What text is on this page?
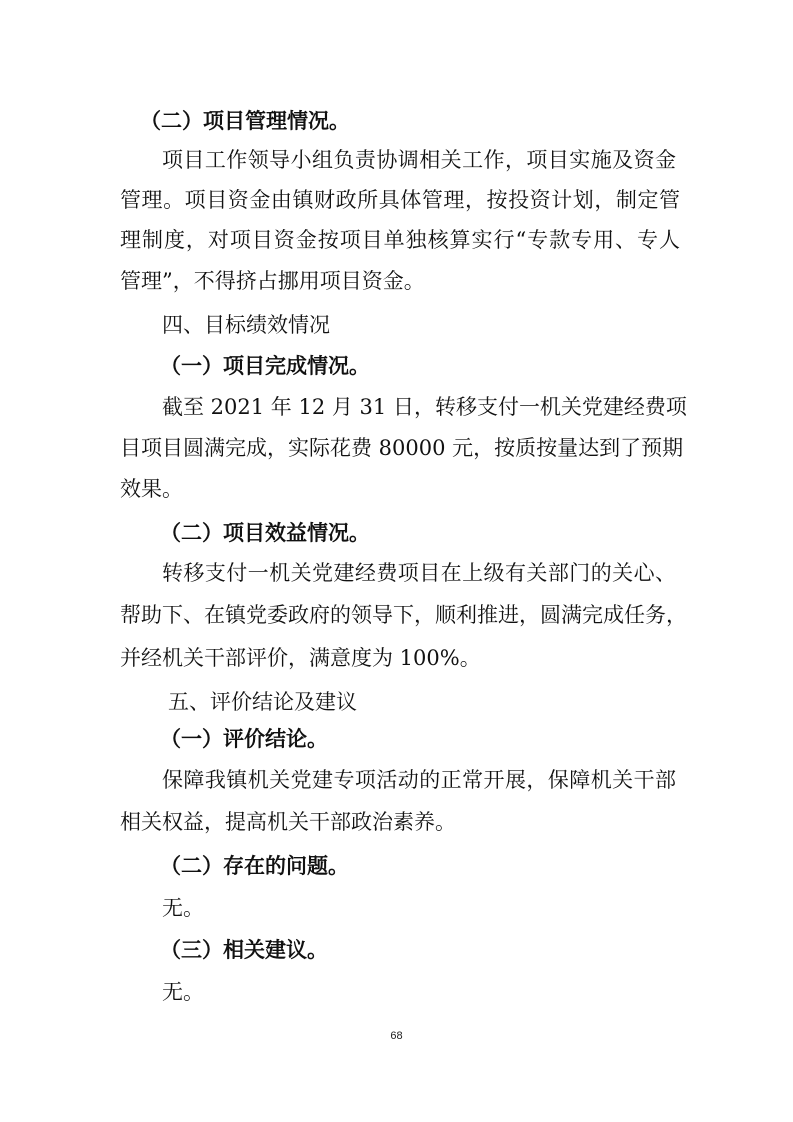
（二）项目管理情况。
项目工作领导小组负责协调相关工作，项目实施及资金
管理。项目资金由镇财政所具体管理，按投资计划，制定管
理制度，对项目资金按项目单独核算实行“专款专用、专人
管理”，不得挤占挪用项目资金。
四、目标绩效情况
（一）项目完成情况。
截至 2021 年 12 月 31 日，转移支付一机关党建经费项
目项目圆满完成，实际花费 80000 元，按质按量达到了预期
效果。
（二）项目效益情况。
转移支付一机关党建经费项目在上级有关部门的关心、
帮助下、在镇党委政府的领导下，顺利推进，圆满完成任务，
并经机关干部评价，满意度为 100%。
五、评价结论及建议
（一）评价结论。
保障我镇机关党建专项活动的正常开展，保障机关干部
相关权益，提高机关干部政治素养。
（二）存在的问题。
无。
（三）相关建议。
无。
68
